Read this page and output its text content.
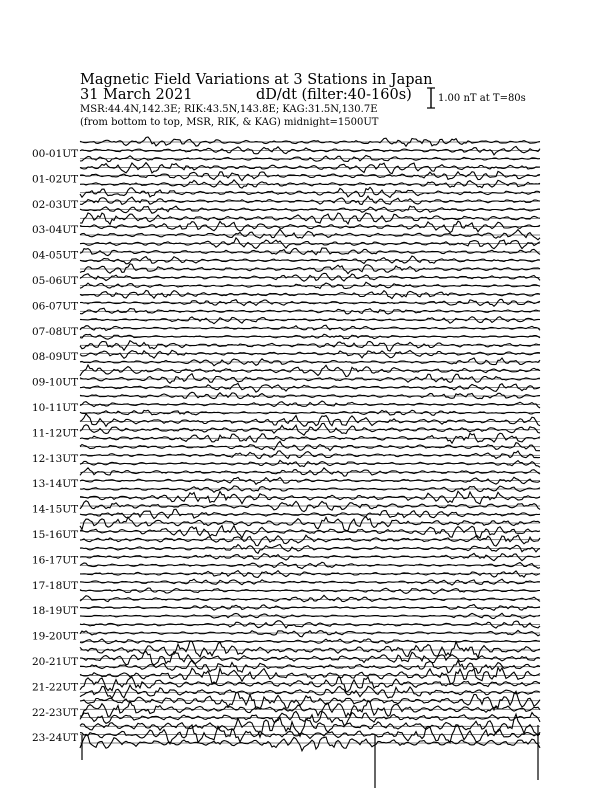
Magnetic Field Variations at 3 Stations in Japan
31 March 2021	dD/dt (filter:40-160s)
MSR:44.4N,142.3E; RIK:43.5N,143.8E; KAG:31.5N,130.7E
(from bottom to top, MSR, RIK, & KAG) midnight=1500UT
1.00 nT at T=80s
00-01UT
01-02UT
02-03UT
03-04UT
04-05UT
05-06UT
06-07UT
07-08UT
08-09UT
09-10UT
10-11UT
11-12UT
12-13UT
13-14UT
14-15UT
15-16UT
16-17UT
17-18UT
18-19UT
19-20UT
20-21UT
21-22UT
22-23UT
23-24UT
